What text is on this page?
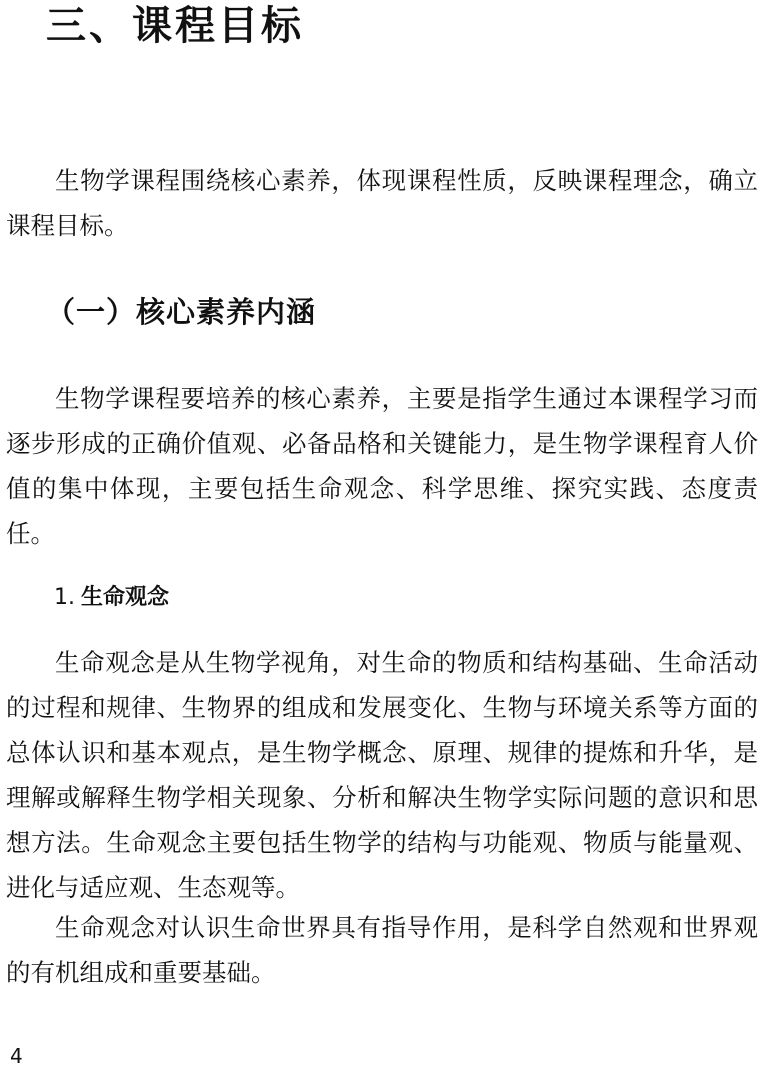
三、课程目标

生物学课程围绕核心素养，体现课程性质，反映课程理念，确立课程目标。

（一）核心素养内涵

生物学课程要培养的核心素养，主要是指学生通过本课程学习而逐步形成的正确价值观、必备品格和关键能力，是生物学课程育人价值的集中体现，主要包括生命观念、科学思维、探究实践、态度责任。

1. 生命观念

生命观念是从生物学视角，对生命的物质和结构基础、生命活动的过程和规律、生物界的组成和发展变化、生物与环境关系等方面的总体认识和基本观点，是生物学概念、原理、规律的提炼和升华，是理解或解释生物学相关现象、分析和解决生物学实际问题的意识和思想方法。生命观念主要包括生物学的结构与功能观、物质与能量观、进化与适应观、生态观等。

生命观念对认识生命世界具有指导作用，是科学自然观和世界观的有机组成和重要基础。

4
